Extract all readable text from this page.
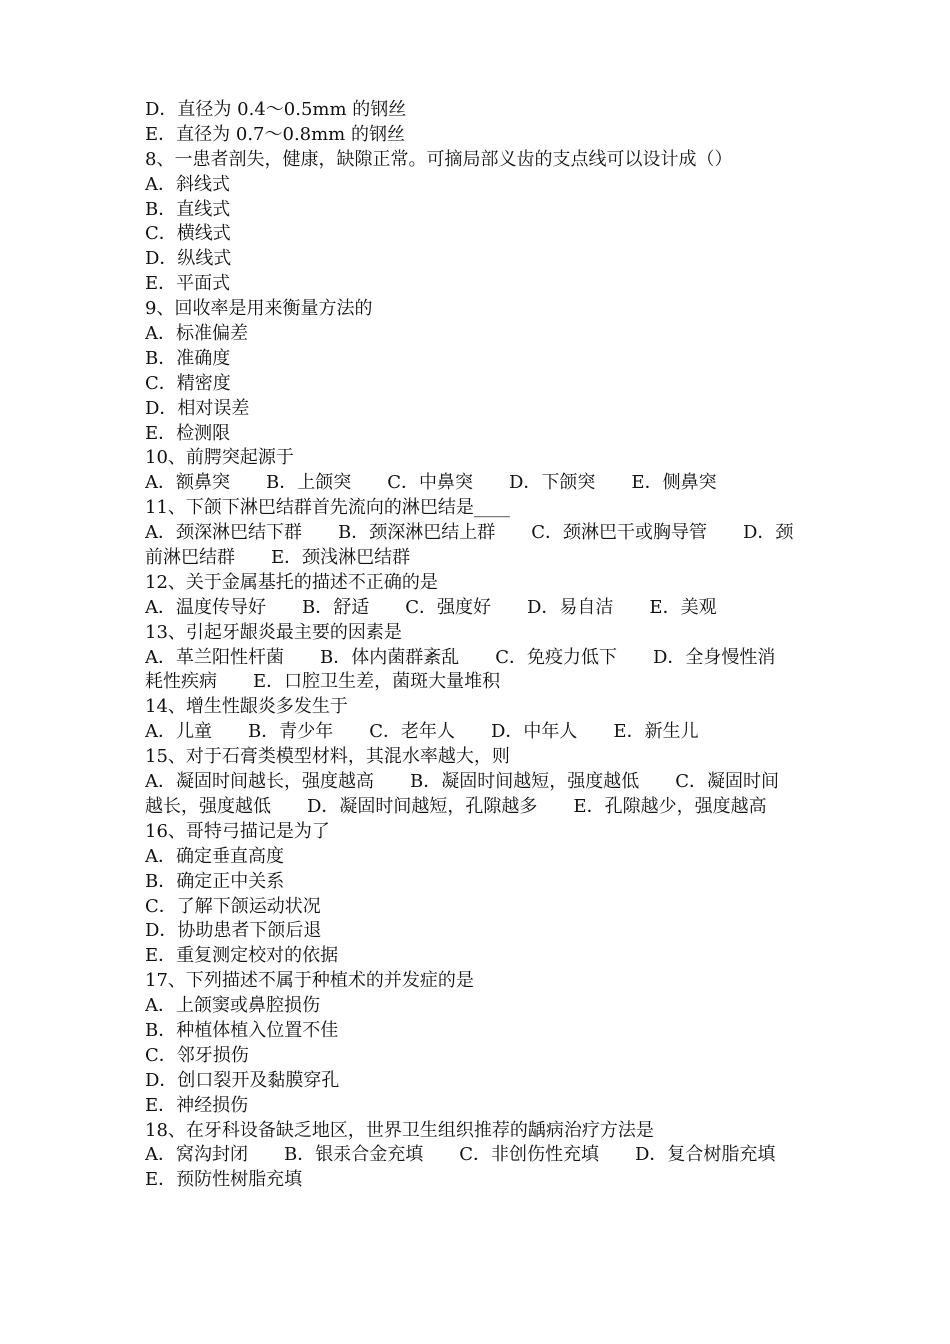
D．直径为 0.4～0.5mm 的钢丝
E．直径为 0.7～0.8mm 的钢丝
8、一患者剖失，健康，缺隙正常。可摘局部义齿的支点线可以设计成（）
A．斜线式
B．直线式
C．横线式
D．纵线式
E．平面式
9、回收率是用来衡量方法的
A．标准偏差
B．准确度
C．精密度
D．相对误差
E．检测限
10、前腭突起源于
A．额鼻突　　B．上颌突　　C．中鼻突　　D．下颌突　　E．侧鼻突
11、下颌下淋巴结群首先流向的淋巴结是____
A．颈深淋巴结下群　　B．颈深淋巴结上群　　C．颈淋巴干或胸导管　　D．颈
前淋巴结群　　E．颈浅淋巴结群
12、关于金属基托的描述不正确的是
A．温度传导好　　B．舒适　　C．强度好　　D．易自洁　　E．美观
13、引起牙龈炎最主要的因素是
A．革兰阳性杆菌　　B．体内菌群紊乱　　C．免疫力低下　　D．全身慢性消
耗性疾病　　E．口腔卫生差，菌斑大量堆积
14、增生性龈炎多发生于
A．儿童　　B．青少年　　C．老年人　　D．中年人　　E．新生儿
15、对于石膏类模型材料，其混水率越大，则
A．凝固时间越长，强度越高　　B．凝固时间越短，强度越低　　C．凝固时间
越长，强度越低　　D．凝固时间越短，孔隙越多　　E．孔隙越少，强度越高
16、哥特弓描记是为了
A．确定垂直高度
B．确定正中关系
C．了解下颌运动状况
D．协助患者下颌后退
E．重复测定校对的依据
17、下列描述不属于种植术的并发症的是
A．上颌窦或鼻腔损伤
B．种植体植入位置不佳
C．邻牙损伤
D．创口裂开及黏膜穿孔
E．神经损伤
18、在牙科设备缺乏地区，世界卫生组织推荐的龋病治疗方法是
A．窝沟封闭　　B．银汞合金充填　　C．非创伤性充填　　D．复合树脂充填
E．预防性树脂充填
